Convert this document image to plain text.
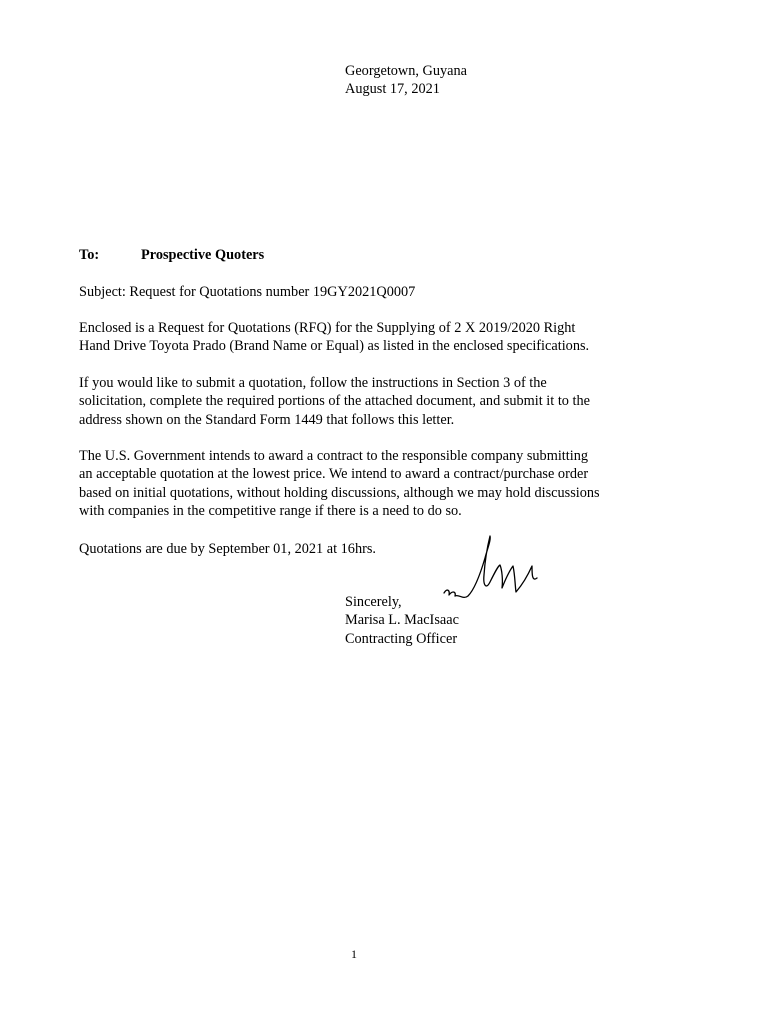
Georgetown, Guyana
August 17, 2021
To:	Prospective Quoters

Subject: Request for Quotations number 19GY2021Q0007

Enclosed is a Request for Quotations (RFQ) for the Supplying of 2 X 2019/2020 Right
Hand Drive Toyota Prado (Brand Name or Equal) as listed in the enclosed specifications.

If you would like to submit a quotation, follow the instructions in Section 3 of the
solicitation, complete the required portions of the attached document, and submit it to the
address shown on the Standard Form 1449 that follows this letter.

The U.S. Government intends to award a contract to the responsible company submitting
an acceptable quotation at the lowest price. We intend to award a contract/purchase order
based on initial quotations, without holding discussions, although we may hold discussions
with companies in the competitive range if there is a need to do so.

Quotations are due by September 01, 2021 at 16hrs.

Sincerely,
Marisa L. MacIsaac
Contracting Officer
1
